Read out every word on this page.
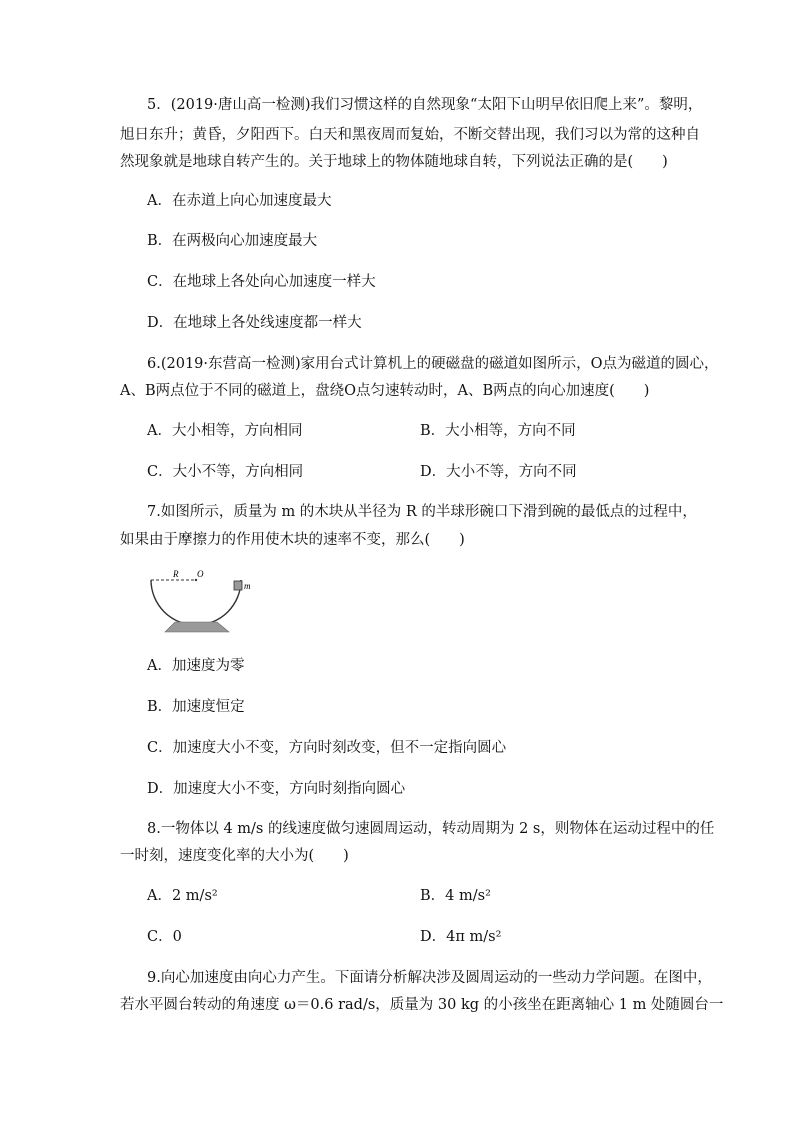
5．(2019·唐山高一检测)我们习惯这样的自然现象“太阳下山明早依旧爬上来”。黎明，
旭日东升；黄昏，夕阳西下。白天和黑夜周而复始，不断交替出现，我们习以为常的这种自
然现象就是地球自转产生的。关于地球上的物体随地球自转，下列说法正确的是(　　)
A．在赤道上向心加速度最大
B．在两极向心加速度最大
C．在地球上各处向心加速度一样大
D．在地球上各处线速度都一样大
6.(2019·东营高一检测)家用台式计算机上的硬磁盘的磁道如图所示，O点为磁道的圆心，
A、B两点位于不同的磁道上，盘绕O点匀速转动时，A、B两点的向心加速度(　　)
A．大小相等，方向相同	B．大小相等，方向不同
C．大小不等，方向相同	D．大小不等，方向不同
7.如图所示，质量为 m 的木块从半径为 R 的半球形碗口下滑到碗的最低点的过程中，
如果由于摩擦力的作用使木块的速率不变，那么(　　)
R O
m
A．加速度为零
B．加速度恒定
C．加速度大小不变，方向时刻改变，但不一定指向圆心
D．加速度大小不变，方向时刻指向圆心
8.一物体以 4 m/s 的线速度做匀速圆周运动，转动周期为 2 s，则物体在运动过程中的任
一时刻，速度变化率的大小为(　　)
A．2 m/s²	B．4 m/s²
C．0	D．4π m/s²
9.向心加速度由向心力产生。下面请分析解决涉及圆周运动的一些动力学问题。在图中，
若水平圆台转动的角速度 ω＝0.6 rad/s，质量为 30 kg 的小孩坐在距离轴心 1 m 处随圆台一
